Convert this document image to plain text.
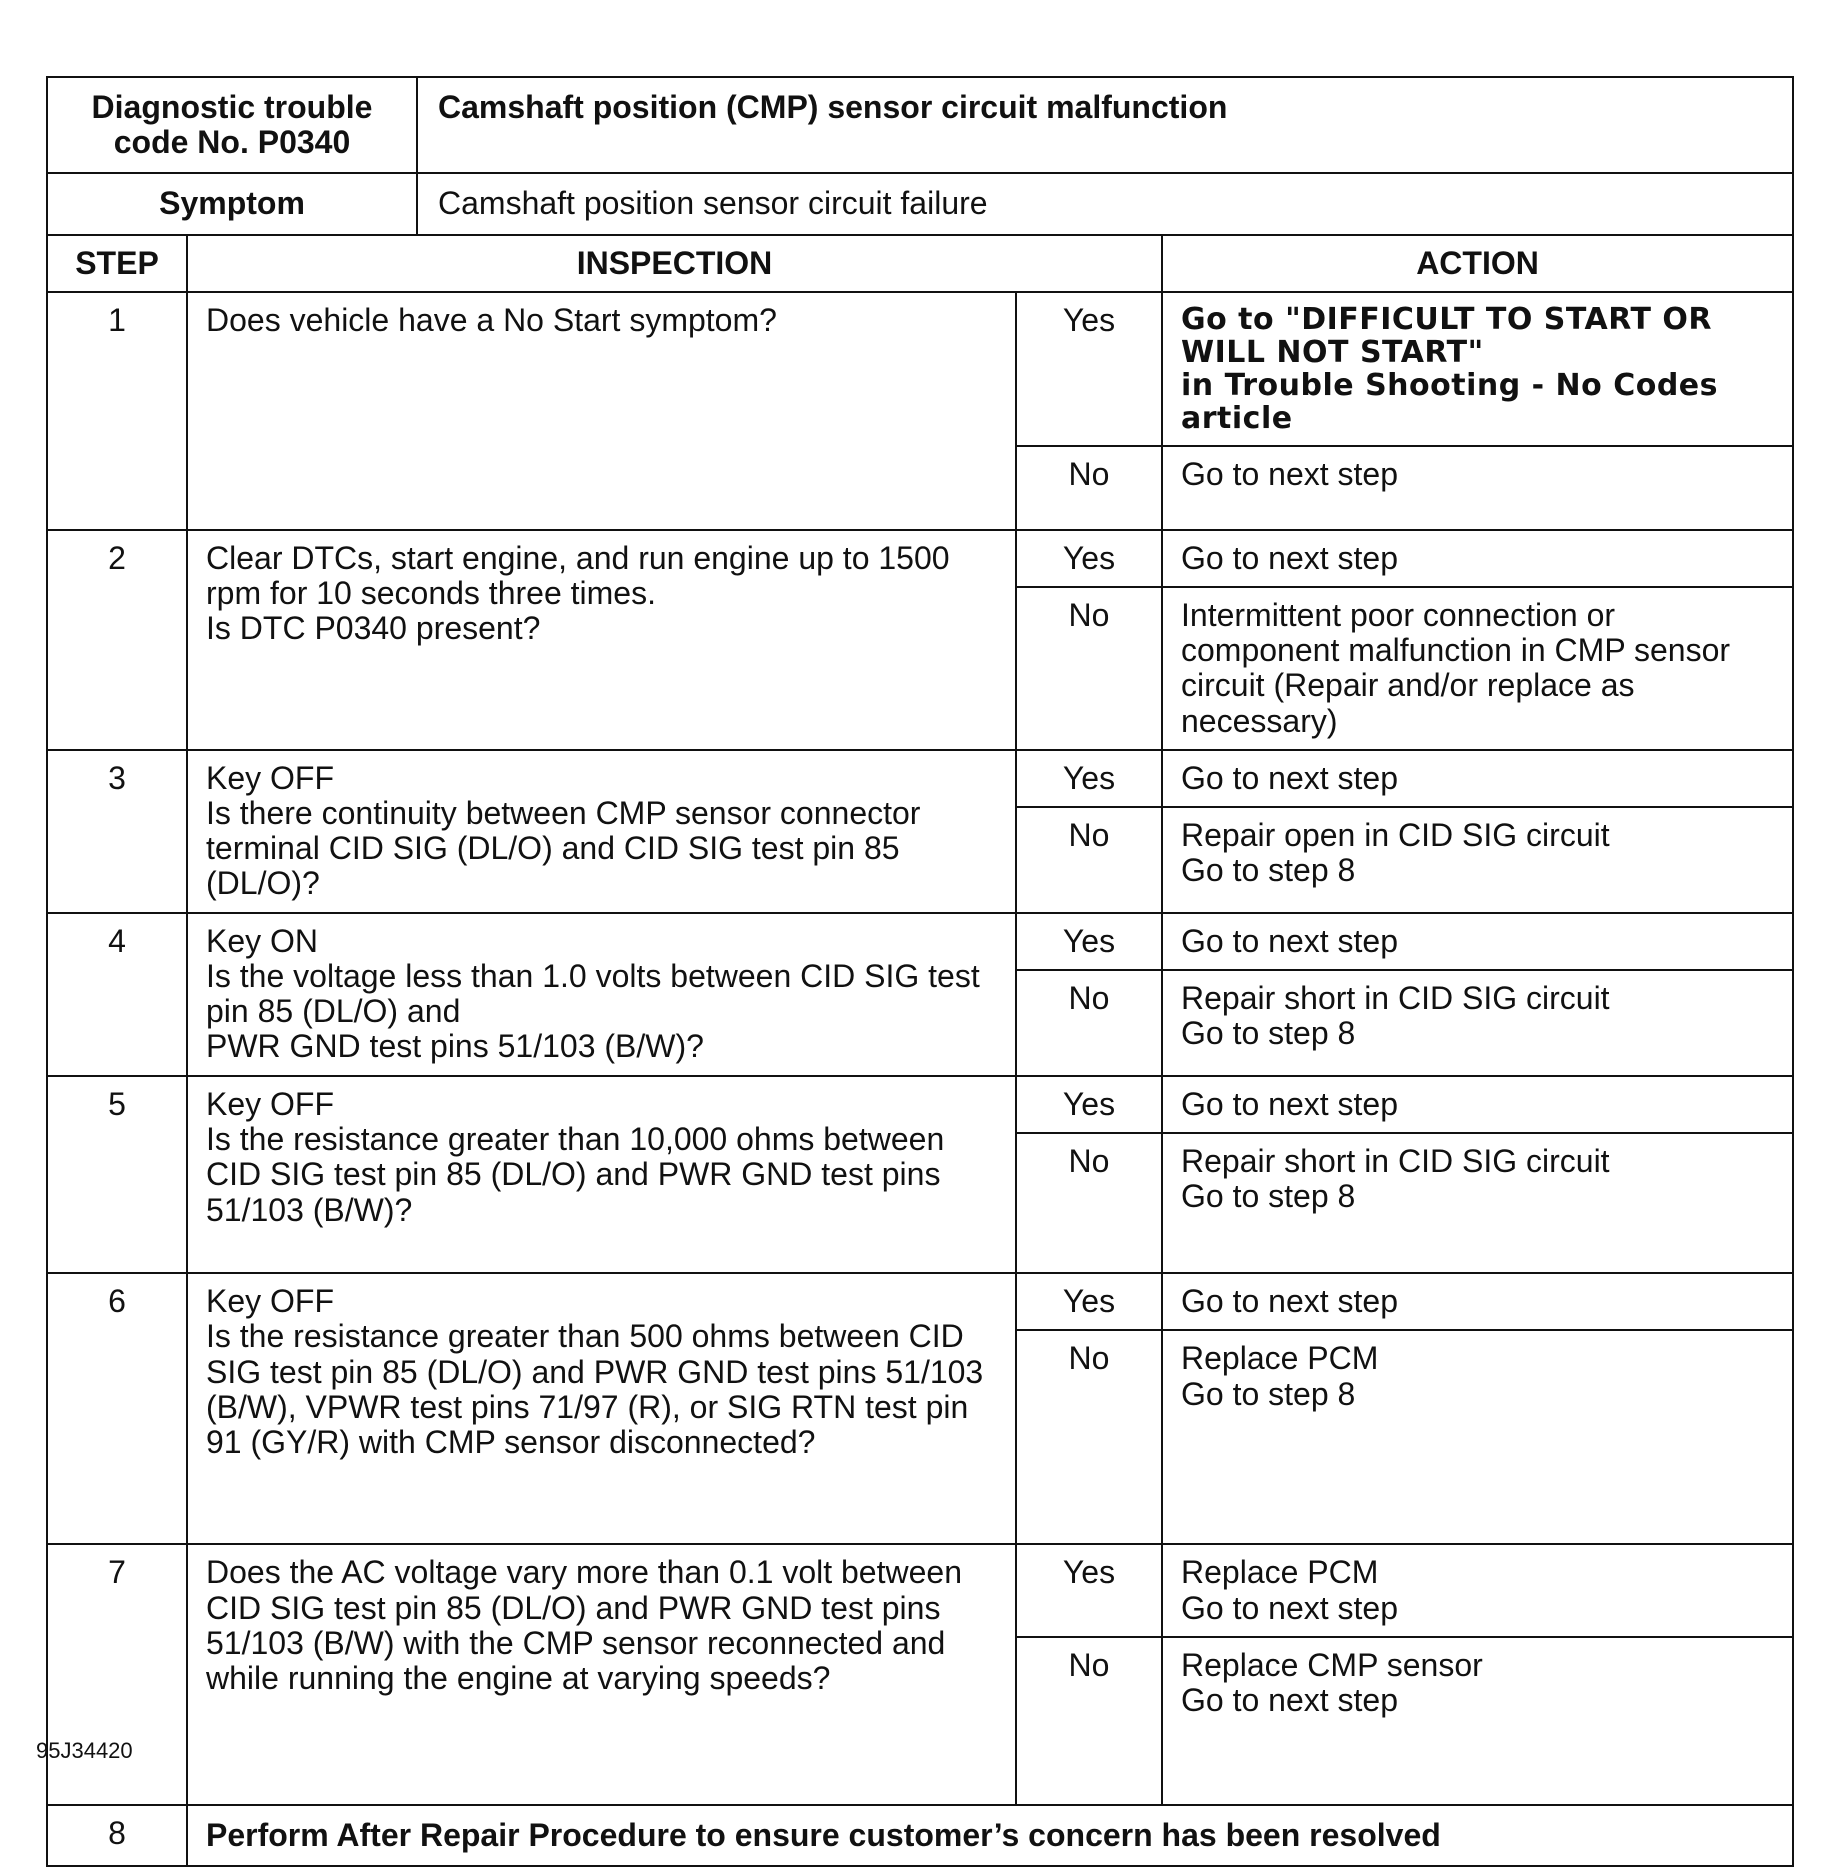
Diagnostic trouble code No. P0340		Camshaft position (CMP) sensor circuit malfunction		
Symptom		Camshaft position sensor circuit failure		
STEP	INSPECTION			ACTION
1	Does vehicle have a No Start symptom?		Yes	Go to "DIFFICULT TO START OR WILL NOT START"
in Trouble Shooting - No Codes article
			No	Go to next step
2	Clear DTCs, start engine, and run engine up to 1500 rpm for 10 seconds three times.
Is DTC P0340 present?		Yes	Go to next step
			No	Intermittent poor connection or component malfunction in CMP sensor circuit (Repair and/or replace as necessary)
3	Key OFF
Is there continuity between CMP sensor connector terminal CID SIG (DL/O) and CID SIG test pin 85 (DL/O)?		Yes	Go to next step
			No	Repair open in CID SIG circuit
Go to step 8
4	Key ON
Is the voltage less than 1.0 volts between CID SIG test pin 85 (DL/O) and
PWR GND test pins 51/103 (B/W)?		Yes	Go to next step
			No	Repair short in CID SIG circuit
Go to step 8
5	Key OFF
Is the resistance greater than 10,000 ohms between CID SIG test pin 85 (DL/O) and PWR GND test pins 51/103 (B/W)?		Yes	Go to next step
			No	Repair short in CID SIG circuit
Go to step 8
6	Key OFF
Is the resistance greater than 500 ohms between CID SIG test pin 85 (DL/O) and PWR GND test pins 51/103 (B/W), VPWR test pins 71/97 (R), or SIG RTN test pin 91 (GY/R) with CMP sensor disconnected?		Yes	Go to next step
			No	Replace PCM
Go to step 8
7	Does the AC voltage vary more than 0.1 volt between CID SIG test pin 85 (DL/O) and PWR GND test pins 51/103 (B/W) with the CMP sensor reconnected and while running the engine at varying speeds?		Yes	Replace PCM
Go to next step
			No	Replace CMP sensor
Go to next step
8	Perform After Repair Procedure to ensure customer’s concern has been resolved			
95J34420
